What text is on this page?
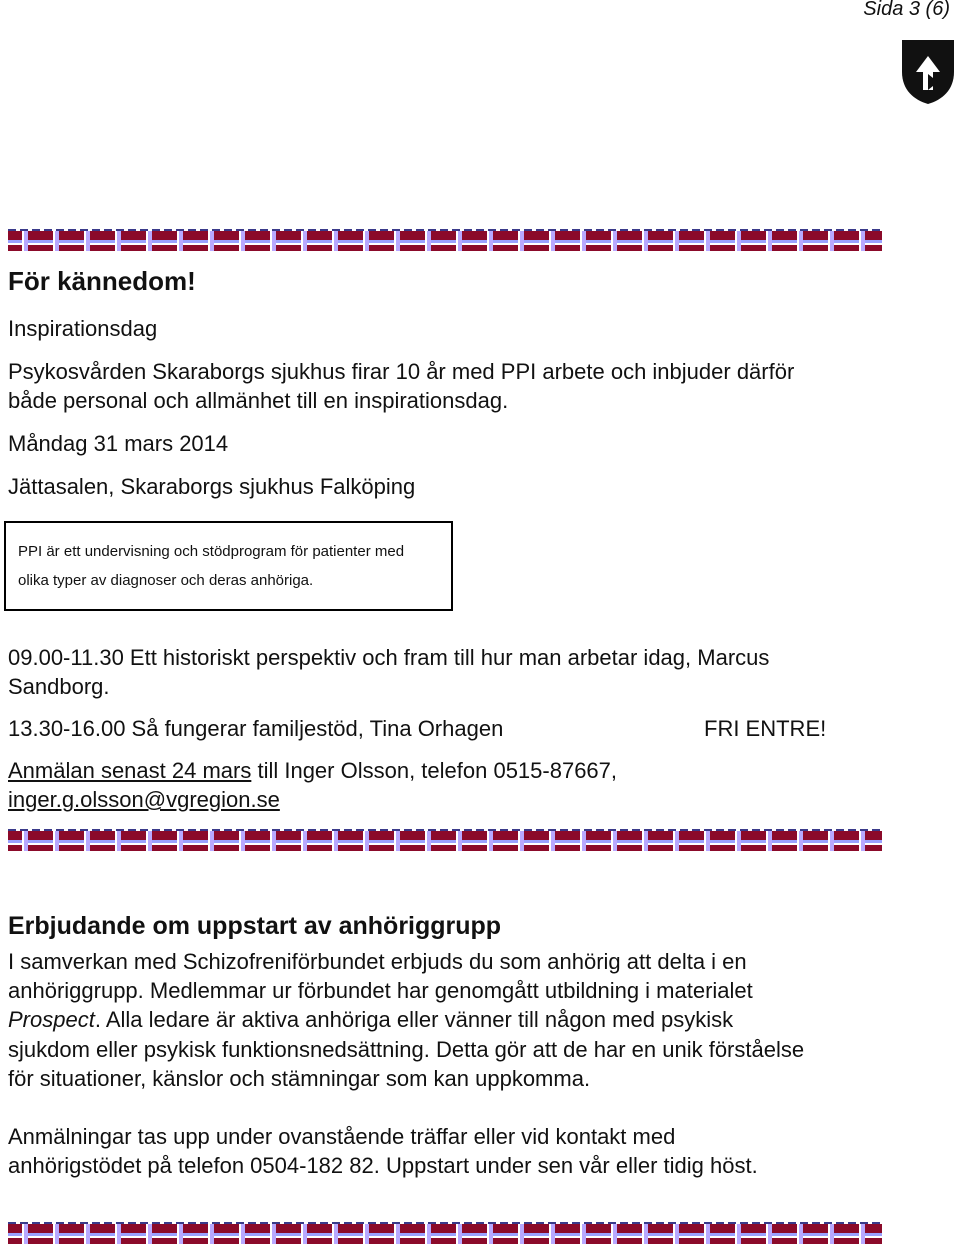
Sida 3 (6)
För kännedom!

Inspirationsdag

Psykosvården Skaraborgs sjukhus firar 10 år med PPI arbete och inbjuder därför

både personal och allmänhet till en inspirationsdag.

Måndag 31 mars 2014

Jättasalen, Skaraborgs sjukhus Falköping

PPI är ett undervisning och stödprogram för patienter med
olika typer av diagnoser och deras anhöriga.

09.00-11.30 Ett historiskt perspektiv och fram till hur man arbetar idag, Marcus

Sandborg.

13.30-16.00 Så fungerar familjestöd, Tina Orhagen	FRI ENTRE!

Anmälan senast 24 mars till Inger Olsson, telefon 0515-87667,

inger.g.olsson@vgregion.se

Erbjudande om uppstart av anhöriggrupp

I samverkan med Schizofreniförbundet erbjuds du som anhörig att delta i en

anhöriggrupp. Medlemmar ur förbundet har genomgått utbildning i materialet

Prospect. Alla ledare är aktiva anhöriga eller vänner till någon med psykisk

sjukdom eller psykisk funktionsnedsättning. Detta gör att de har en unik förståelse

för situationer, känslor och stämningar som kan uppkomma.

Anmälningar tas upp under ovanstående träffar eller vid kontakt med

anhörigstödet på telefon 0504-182 82. Uppstart under sen vår eller tidig höst.
